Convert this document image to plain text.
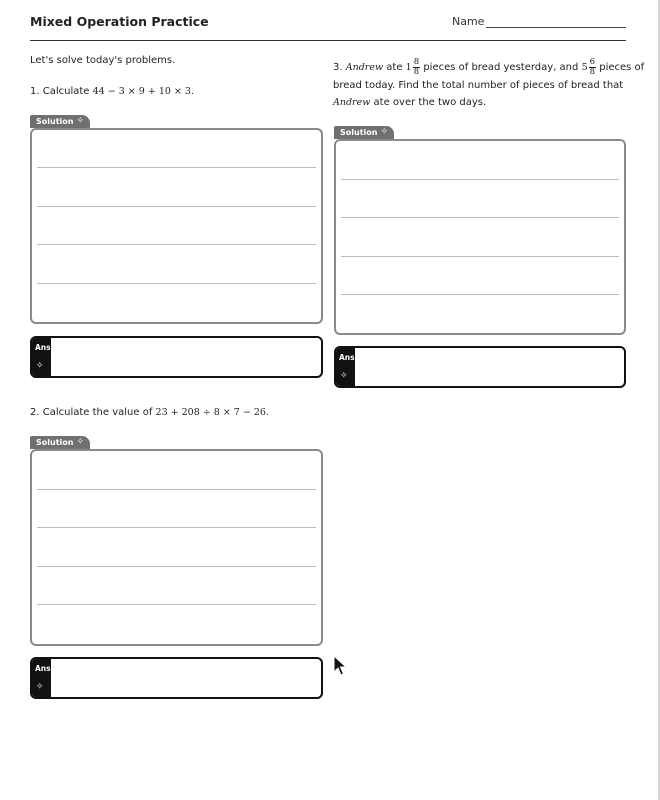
Mixed Operation Practice	Name
Let's solve today's problems.
1. Calculate 44 − 3 × 9 + 10 × 3.
Solution ✧
Ans
✧
2. Calculate the value of 23 + 208 ÷ 8 × 7 − 26.
Solution ✧
Ans
✧
3.
Andrew
ate
$1 \frac{8}{8}$
pieces of bread yesterday, and
$5 \frac{6}{8}$
pieces of
bread today. Find the total number of pieces of bread that
Andrew ate over the two days.
Solution ✧
Ans
✧
